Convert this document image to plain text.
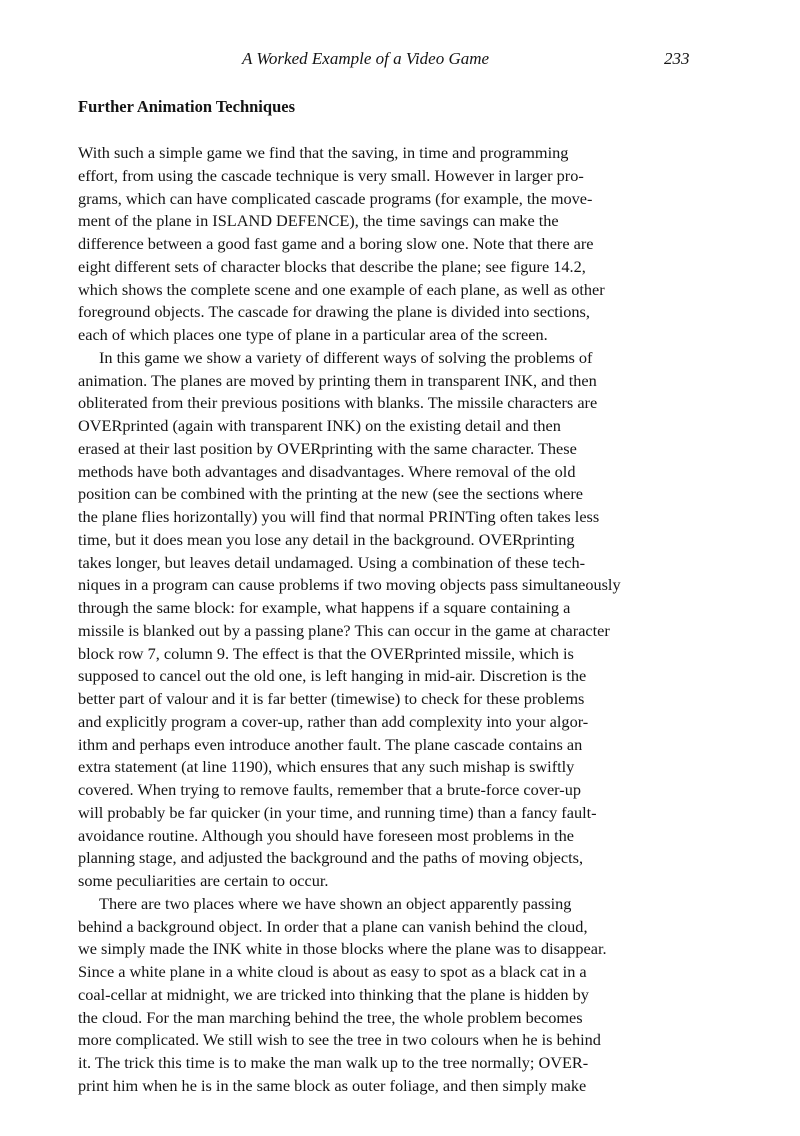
A Worked Example of a Video Game	233
Further Animation Techniques
With such a simple game we find that the saving, in time and programming
effort, from using the cascade technique is very small. However in larger pro-
grams, which can have complicated cascade programs (for example, the move-
ment of the plane in ISLAND DEFENCE), the time savings can make the
difference between a good fast game and a boring slow one. Note that there are
eight different sets of character blocks that describe the plane; see figure 14.2,
which shows the complete scene and one example of each plane, as well as other
foreground objects. The cascade for drawing the plane is divided into sections,
each of which places one type of plane in a particular area of the screen.
In this game we show a variety of different ways of solving the problems of
animation. The planes are moved by printing them in transparent INK, and then
obliterated from their previous positions with blanks. The missile characters are
OVERprinted (again with transparent INK) on the existing detail and then
erased at their last position by OVERprinting with the same character. These
methods have both advantages and disadvantages. Where removal of the old
position can be combined with the printing at the new (see the sections where
the plane flies horizontally) you will find that normal PRINTing often takes less
time, but it does mean you lose any detail in the background. OVERprinting
takes longer, but leaves detail undamaged. Using a combination of these tech-
niques in a program can cause problems if two moving objects pass simultaneously
through the same block: for example, what happens if a square containing a
missile is blanked out by a passing plane? This can occur in the game at character
block row 7, column 9. The effect is that the OVERprinted missile, which is
supposed to cancel out the old one, is left hanging in mid-air. Discretion is the
better part of valour and it is far better (timewise) to check for these problems
and explicitly program a cover-up, rather than add complexity into your algor-
ithm and perhaps even introduce another fault. The plane cascade contains an
extra statement (at line 1190), which ensures that any such mishap is swiftly
covered. When trying to remove faults, remember that a brute-force cover-up
will probably be far quicker (in your time, and running time) than a fancy fault-
avoidance routine. Although you should have foreseen most problems in the
planning stage, and adjusted the background and the paths of moving objects,
some peculiarities are certain to occur.
There are two places where we have shown an object apparently passing
behind a background object. In order that a plane can vanish behind the cloud,
we simply made the INK white in those blocks where the plane was to disappear.
Since a white plane in a white cloud is about as easy to spot as a black cat in a
coal-cellar at midnight, we are tricked into thinking that the plane is hidden by
the cloud. For the man marching behind the tree, the whole problem becomes
more complicated. We still wish to see the tree in two colours when he is behind
it. The trick this time is to make the man walk up to the tree normally; OVER-
print him when he is in the same block as outer foliage, and then simply make
